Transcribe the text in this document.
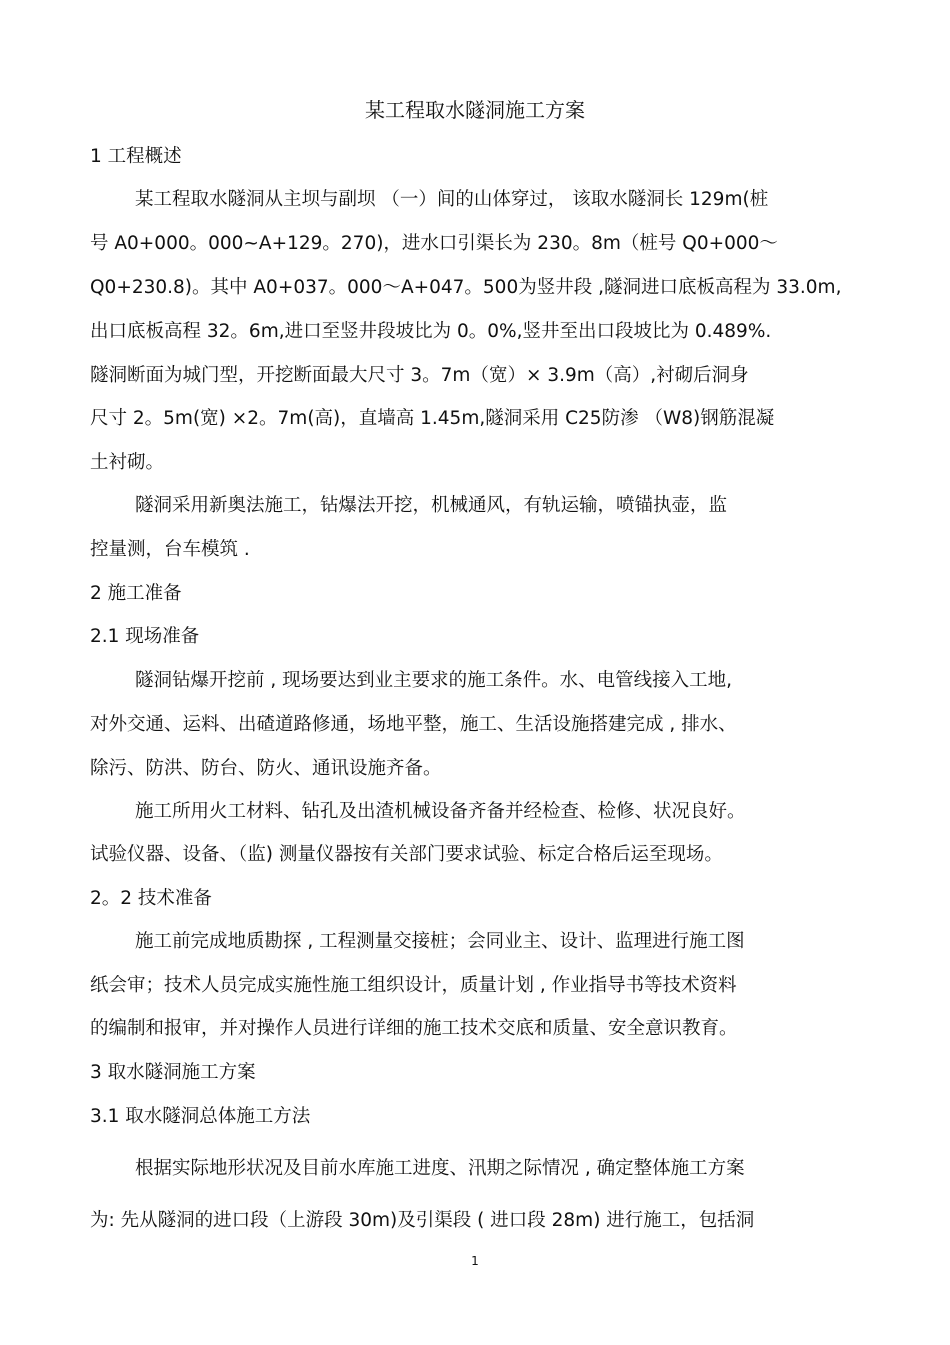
某工程取水隧洞施工方案
1 工程概述
某工程取水隧洞从主坝与副坝 （一）间的山体穿过， 该取水隧洞长 129m(桩
号 A0+000。000~A+129。270)，进水口引渠长为 230。8m（桩号 Q0+000～
Q0+230.8)。其中 A0+037。000～A+047。500为竖井段 ,隧洞进口底板高程为 33.0m,
出口底板高程 32。6m,进口至竖井段坡比为 0。0%,竖井至出口段坡比为 0.489%.
隧洞断面为城门型，开挖断面最大尺寸 3。7m（宽）× 3.9m（高）,衬砌后洞身
尺寸 2。5m(宽) ×2。7m(高)，直墙高 1.45m,隧洞采用 C25防渗 （W8)钢筋混凝
土衬砌。
隧洞采用新奥法施工，钻爆法开挖，机械通风，有轨运输，喷锚执壶，监
控量测，台车模筑 .
2 施工准备
2.1 现场准备
隧洞钻爆开挖前 , 现场要达到业主要求的施工条件。水、电管线接入工地,
对外交通、运料、出碴道路修通，场地平整，施工、生活设施搭建完成 , 排水、
除污、防洪、防台、防火、通讯设施齐备。
施工所用火工材料、钻孔及出渣机械设备齐备并经检查、检修、状况良好。
试验仪器、设备、（监) 测量仪器按有关部门要求试验、标定合格后运至现场。
2。2 技术准备
施工前完成地质勘探 , 工程测量交接桩；会同业主、设计、监理进行施工图
纸会审；技术人员完成实施性施工组织设计，质量计划 , 作业指导书等技术资料
的编制和报审，并对操作人员进行详细的施工技术交底和质量、安全意识教育。
3 取水隧洞施工方案
3.1 取水隧洞总体施工方法
根据实际地形状况及目前水库施工进度、汛期之际情况 , 确定整体施工方案
为: 先从隧洞的进口段（上游段 30m)及引渠段 ( 进口段 28m) 进行施工，包括洞
1
